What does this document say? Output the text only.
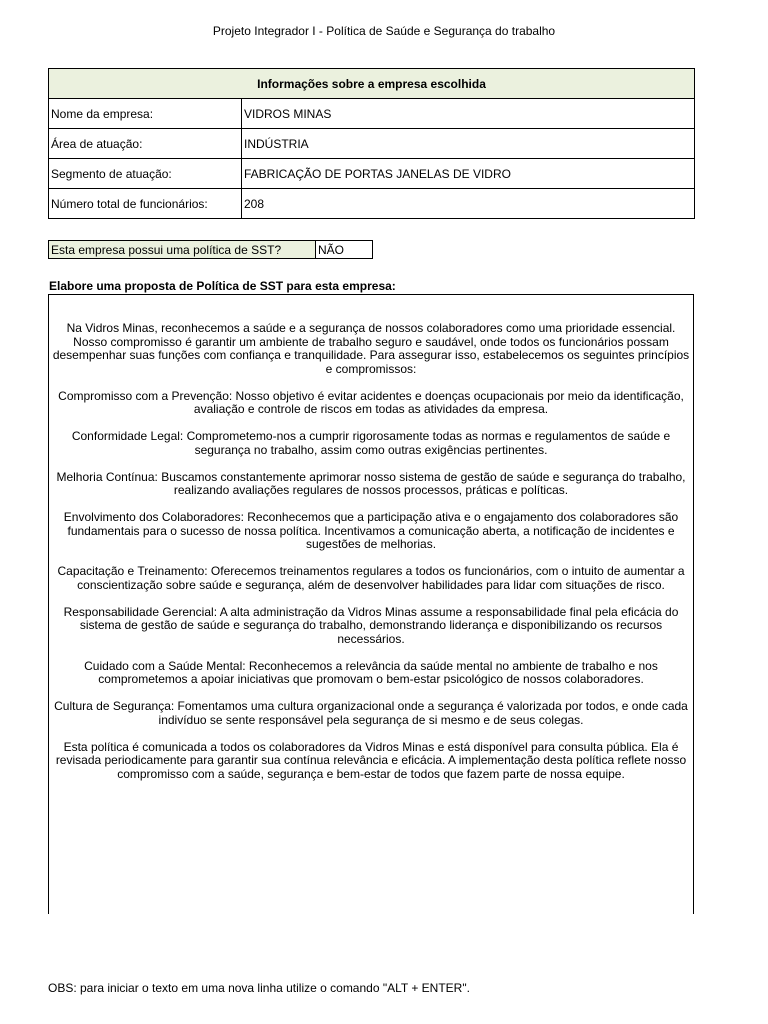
Projeto Integrador I - Política de Saúde e Segurança do trabalho
Informações sobre a empresa escolhida	
Nome da empresa:	VIDROS MINAS
Área de atuação:	INDÚSTRIA
Segmento de atuação:	FABRICAÇÃO DE PORTAS JANELAS DE VIDRO
Número total de funcionários:	208
Esta empresa possui uma política de SST?	NÃO
Elabore uma proposta de Política de SST para esta empresa:

Na Vidros Minas, reconhecemos a saúde e a segurança de nossos colaboradores como uma prioridade essencial. Nosso compromisso é garantir um ambiente de trabalho seguro e saudável, onde todos os funcionários possam desempenhar suas funções com confiança e tranquilidade. Para assegurar isso, estabelecemos os seguintes princípios e compromissos:

Compromisso com a Prevenção: Nosso objetivo é evitar acidentes e doenças ocupacionais por meio da identificação, avaliação e controle de riscos em todas as atividades da empresa.

Conformidade Legal: Comprometemo-nos a cumprir rigorosamente todas as normas e regulamentos de saúde e segurança no trabalho, assim como outras exigências pertinentes.

Melhoria Contínua: Buscamos constantemente aprimorar nosso sistema de gestão de saúde e segurança do trabalho, realizando avaliações regulares de nossos processos, práticas e políticas.

Envolvimento dos Colaboradores: Reconhecemos que a participação ativa e o engajamento dos colaboradores são fundamentais para o sucesso de nossa política. Incentivamos a comunicação aberta, a notificação de incidentes e sugestões de melhorias.

Capacitação e Treinamento: Oferecemos treinamentos regulares a todos os funcionários, com o intuito de aumentar a conscientização sobre saúde e segurança, além de desenvolver habilidades para lidar com situações de risco.

Responsabilidade Gerencial: A alta administração da Vidros Minas assume a responsabilidade final pela eficácia do sistema de gestão de saúde e segurança do trabalho, demonstrando liderança e disponibilizando os recursos necessários.

Cuidado com a Saúde Mental: Reconhecemos a relevância da saúde mental no ambiente de trabalho e nos comprometemos a apoiar iniciativas que promovam o bem-estar psicológico de nossos colaboradores.

Cultura de Segurança: Fomentamos uma cultura organizacional onde a segurança é valorizada por todos, e onde cada indivíduo se sente responsável pela segurança de si mesmo e de seus colegas.

Esta política é comunicada a todos os colaboradores da Vidros Minas e está disponível para consulta pública. Ela é revisada periodicamente para garantir sua contínua relevância e eficácia. A implementação desta política reflete nosso compromisso com a saúde, segurança e bem-estar de todos que fazem parte de nossa equipe.

OBS: para iniciar o texto em uma nova linha utilize o comando "ALT + ENTER".
